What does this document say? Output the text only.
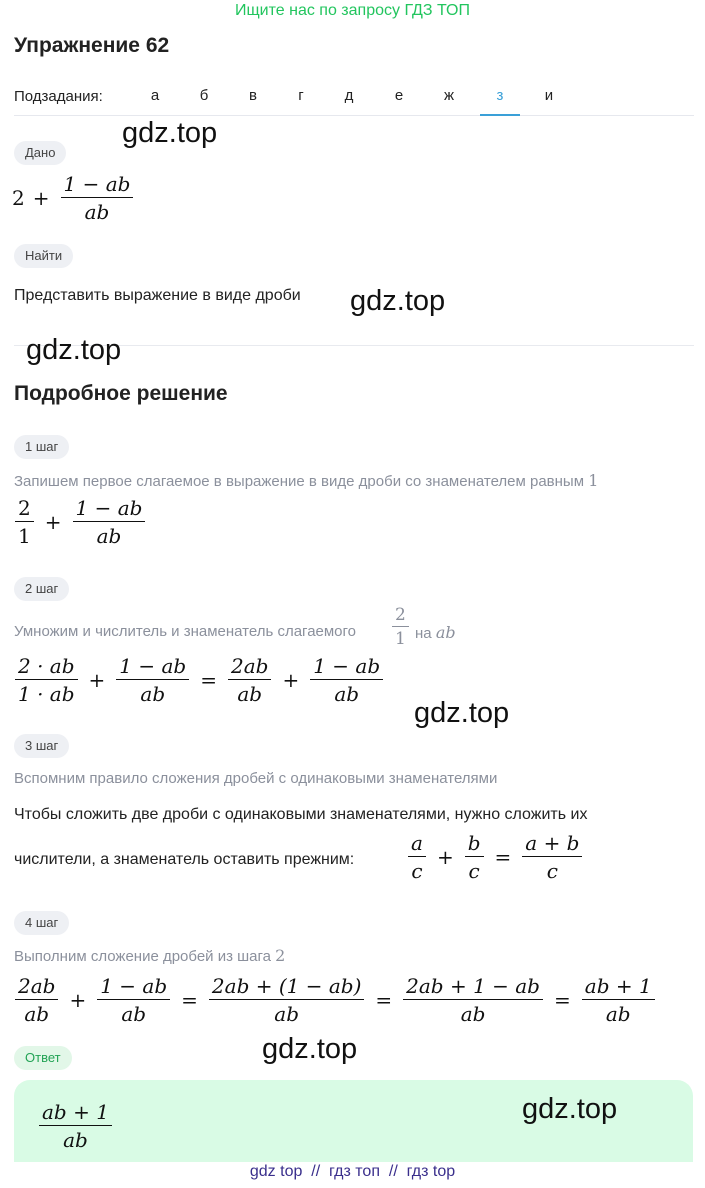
Ищите нас по запросу ГДЗ ТОП
Упражнение 62
Подзадания:	а	б	в	г	д	е	ж	з	и
Дано
$2 + \frac{1 - ab}{ab}$
Найти
Представить выражение в виде дроби
Подробное решение
1 шаг
Запишем первое слагаемое в выражение в виде дроби со знаменателем равным 1
2
1
+ $\frac{1 - ab}{ab}$
2 шаг
Умножим и числитель и знаменатель слагаемого $\frac{2}{1}$ на ab
2 · ab
1 · ab
+ $\frac{1 - ab}{ab} = \frac{2ab}{ab} + \frac{1 - ab}{ab}$
3 шаг
Вспомним правило сложения дробей с одинаковыми знаменателями
Чтобы сложить две дроби с одинаковыми знаменателями, нужно сложить их
числители, а знаменатель оставить прежним:
a
c
+ $\frac{b}{c} = \frac{a + b}{c}$
4 шаг
Выполним сложение дробей из шага 2
2ab
ab
+ $\frac{1 - ab}{ab} = \frac{2ab + (1 - ab)}{ab} = \frac{2ab + 1 - ab}{ab} = \frac{ab + 1}{ab}$
Ответ
$\frac{ab + 1}{ab}$
gdz.top
gdz.top
gdz.top
gdz.top
gdz.top
gdz.top
gdz top  //  гдз топ  //  гдз top
